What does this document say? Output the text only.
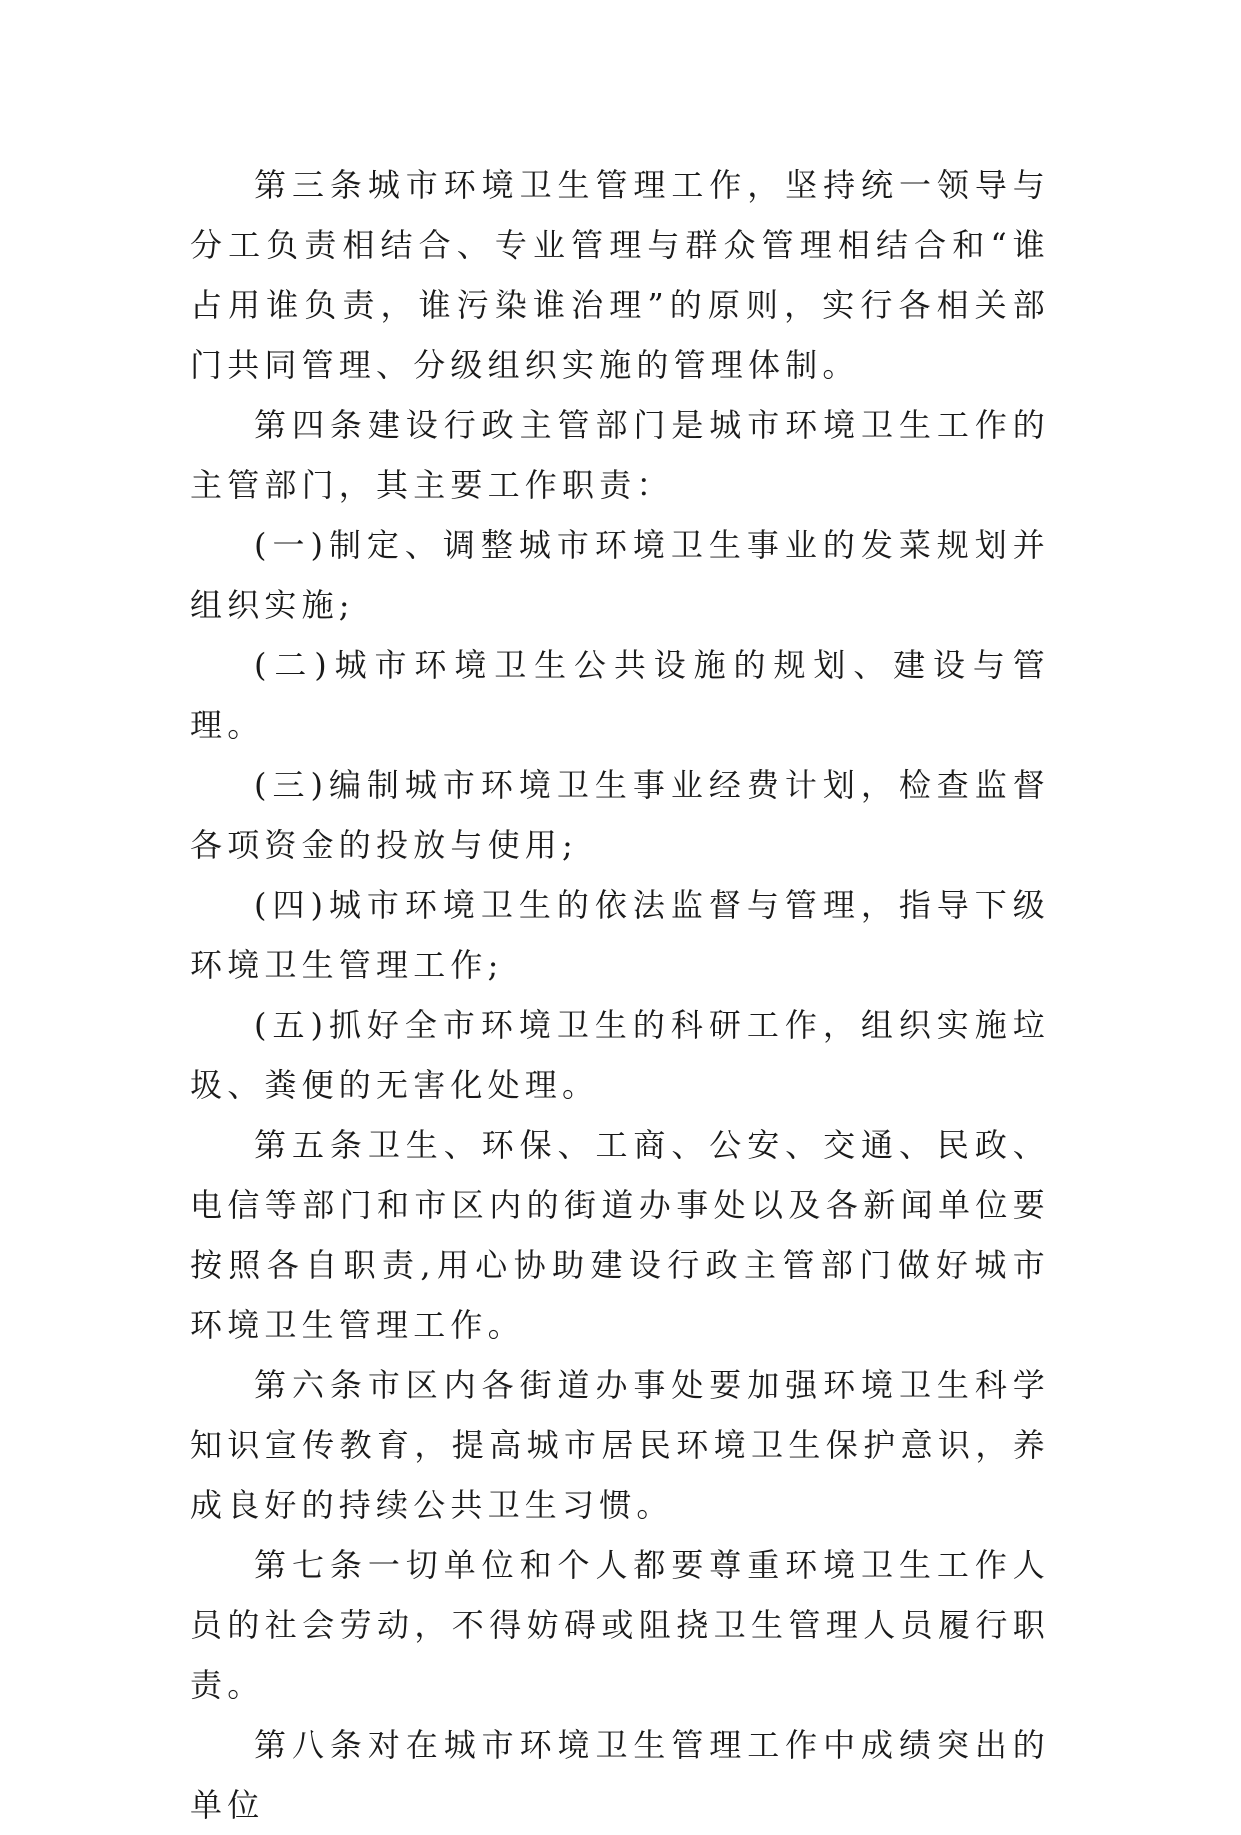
第三条城市环境卫生管理工作，坚持统一领导与分工负责相结合、专业管理与群众管理相结合和“谁占用谁负责，谁污染谁治理”的原则，实行各相关部门共同管理、分级组织实施的管理体制。

第四条建设行政主管部门是城市环境卫生工作的主管部门，其主要工作职责：

(一)制定、调整城市环境卫生事业的发菜规划并组织实施;

(二)城市环境卫生公共设施的规划、建设与管理。

(三)编制城市环境卫生事业经费计划，检查监督各项资金的投放与使用;

(四)城市环境卫生的依法监督与管理，指导下级环境卫生管理工作;

(五)抓好全市环境卫生的科研工作，组织实施垃圾、粪便的无害化处理。

第五条卫生、环保、工商、公安、交通、民政、电信等部门和市区内的街道办事处以及各新闻单位要按照各自职责,用心协助建设行政主管部门做好城市环境卫生管理工作。

第六条市区内各街道办事处要加强环境卫生科学知识宣传教育，提高城市居民环境卫生保护意识，养成良好的持续公共卫生习惯。

第七条一切单位和个人都要尊重环境卫生工作人员的社会劳动，不得妨碍或阻挠卫生管理人员履行职责。

第八条对在城市环境卫生管理工作中成绩突出的单位
